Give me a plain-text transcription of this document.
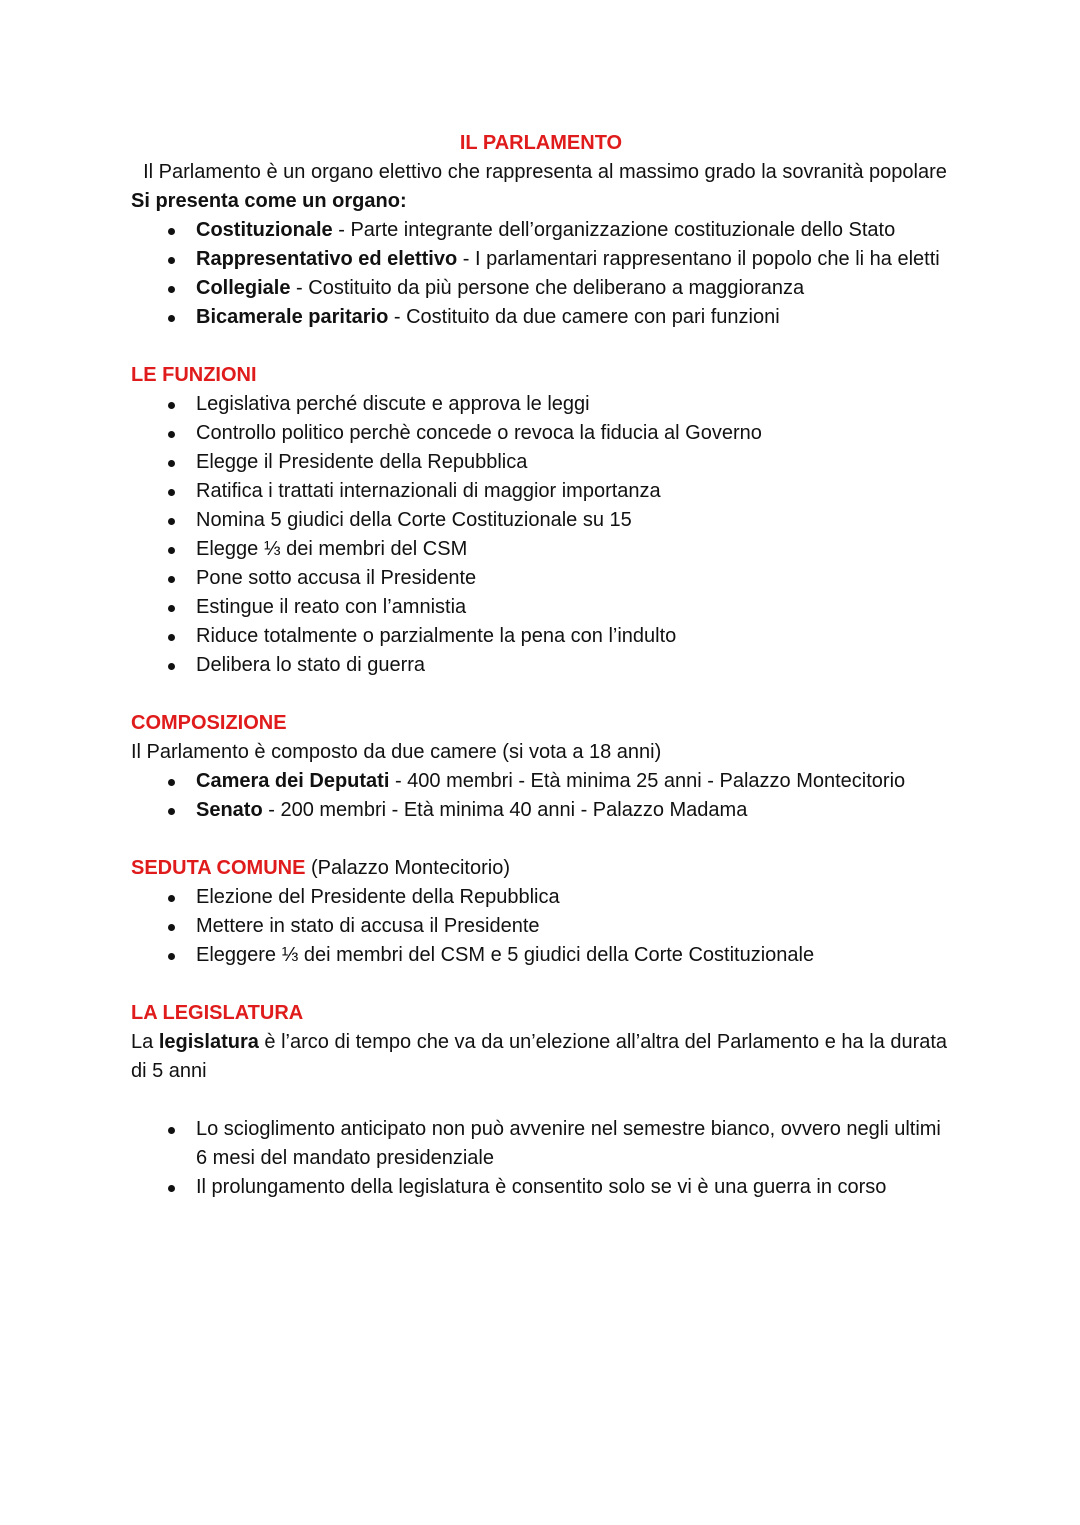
IL PARLAMENTO
Il Parlamento è un organo elettivo che rappresenta al massimo grado la sovranità popolare

Si presenta come un organo:

Costituzionale - Parte integrante dell’organizzazione costituzionale dello Stato
Rappresentativo ed elettivo - I parlamentari rappresentano il popolo che li ha eletti
Collegiale - Costituito da più persone che deliberano a maggioranza
Bicamerale paritario - Costituito da due camere con pari funzioni

LE FUNZIONI

Legislativa perché discute e approva le leggi
Controllo politico perchè concede o revoca la fiducia al Governo
Elegge il Presidente della Repubblica
Ratifica i trattati internazionali di maggior importanza
Nomina 5 giudici della Corte Costituzionale su 15
Elegge ⅓ dei membri del CSM
Pone sotto accusa il Presidente
Estingue il reato con l’amnistia
Riduce totalmente o parzialmente la pena con l’indulto
Delibera lo stato di guerra

COMPOSIZIONE

Il Parlamento è composto da due camere (si vota a 18 anni)

Camera dei Deputati - 400 membri - Età minima 25 anni - Palazzo Montecitorio
Senato - 200 membri - Età minima 40 anni - Palazzo Madama

SEDUTA COMUNE (Palazzo Montecitorio)

Elezione del Presidente della Repubblica
Mettere in stato di accusa il Presidente
Eleggere ⅓ dei membri del CSM e 5 giudici della Corte Costituzionale

LA LEGISLATURA

La legislatura è l’arco di tempo che va da un’elezione all’altra del Parlamento e ha la durata di 5 anni

Lo scioglimento anticipato non può avvenire nel semestre bianco, ovvero negli ultimi 6 mesi del mandato presidenziale
Il prolungamento della legislatura è consentito solo se vi è una guerra in corso
